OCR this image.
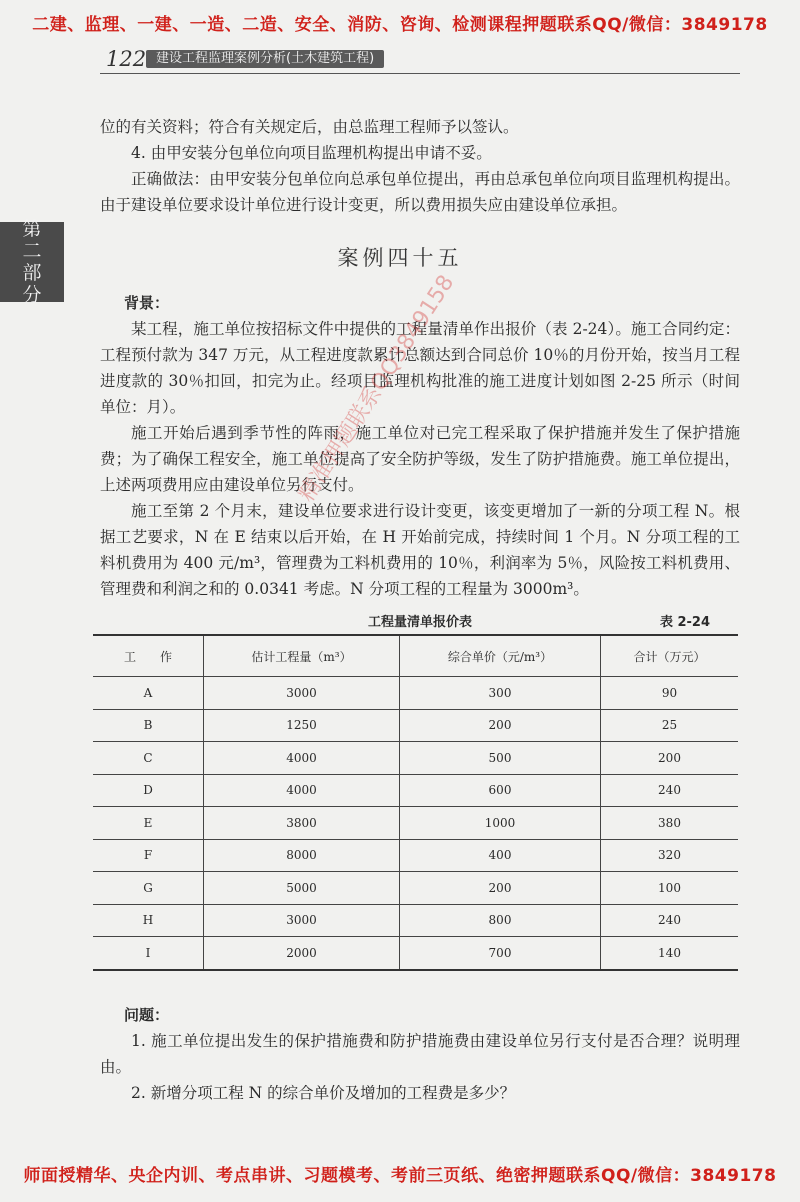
二建、监理、一建、一造、二造、安全、消防、咨询、检测课程押题联系QQ/微信：3849178
122 建设工程监理案例分析(土木建筑工程)
第
二
部
分

位的有关资料；符合有关规定后，由总监理工程师予以签认。

4. 由甲安装分包单位向项目监理机构提出申请不妥。

正确做法：由甲安装分包单位向总承包单位提出，再由总承包单位向项目监理机构提出。由于建设单位要求设计单位进行设计变更，所以费用损失应由建设单位承担。

案例四十五

背景：

某工程，施工单位按招标文件中提供的工程量清单作出报价（表 2-24）。施工合同约定：工程预付款为 347 万元，从工程进度款累计总额达到合同总价 10％的月份开始，按当月工程进度款的 30％扣回，扣完为止。经项目监理机构批准的施工进度计划如图 2-25 所示（时间单位：月）。

施工开始后遇到季节性的阵雨，施工单位对已完工程采取了保护措施并发生了保护措施费；为了确保工程安全，施工单位提高了安全防护等级，发生了防护措施费。施工单位提出，上述两项费用应由建设单位另行支付。

施工至第 2 个月末，建设单位要求进行设计变更，该变更增加了一新的分项工程 N。根据工艺要求，N 在 E 结束以后开始，在 H 开始前完成，持续时间 1 个月。N 分项工程的工料机费用为 400 元/m³，管理费为工料机费用的 10％，利润率为 5％，风险按工料机费用、管理费和利润之和的 0.0341 考虑。N 分项工程的工程量为 3000m³。

工程量清单报价表	表 2-24
工　　作	估计工程量（m³）	综合单价（元/m³）	合计（万元）
A	3000	300	90
B	1250	200	25
C	4000	500	200
D	4000	600	240
E	3800	1000	380
F	8000	400	320
G	5000	200	100
H	3000	800	240
I	2000	700	140
精准押题联系QQ3849158

问题：

1. 施工单位提出发生的保护措施费和防护措施费由建设单位另行支付是否合理？说明理由。

2. 新增分项工程 N 的综合单价及增加的工程费是多少？

师面授精华、央企内训、考点串讲、习题模考、考前三页纸、绝密押题联系QQ/微信：3849178
